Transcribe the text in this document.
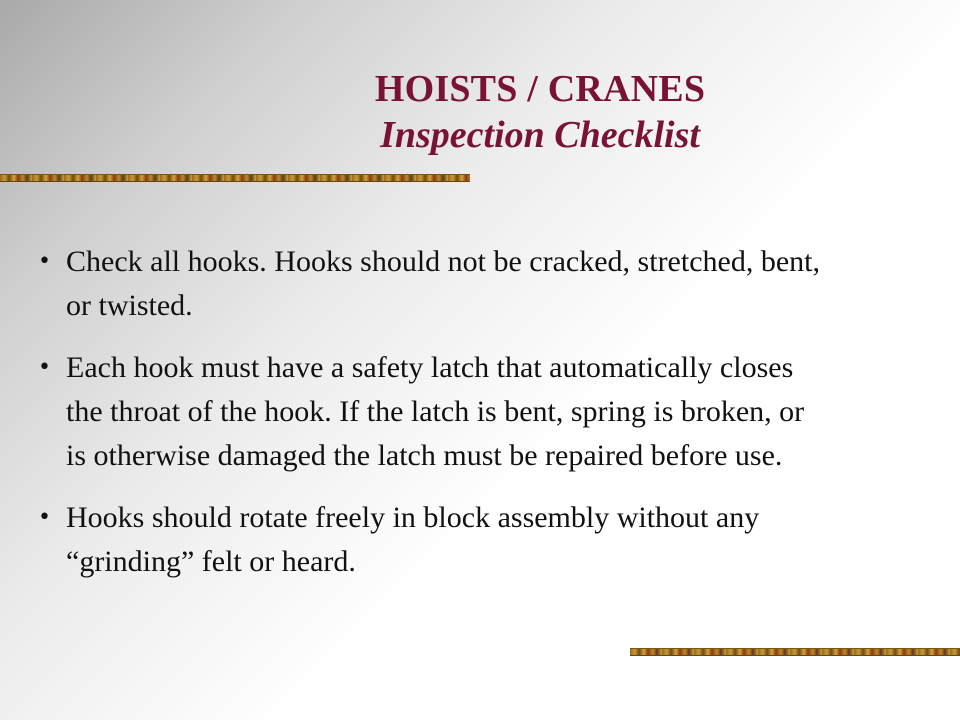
HOISTS / CRANES
Inspection Checklist
• Check all hooks. Hooks should not be cracked, stretched, bent, or twisted.
• Each hook must have a safety latch that automatically closes the throat of the hook. If the latch is bent, spring is broken, or is otherwise damaged the latch must be repaired before use.
• Hooks should rotate freely in block assembly without any “grinding” felt or heard.
